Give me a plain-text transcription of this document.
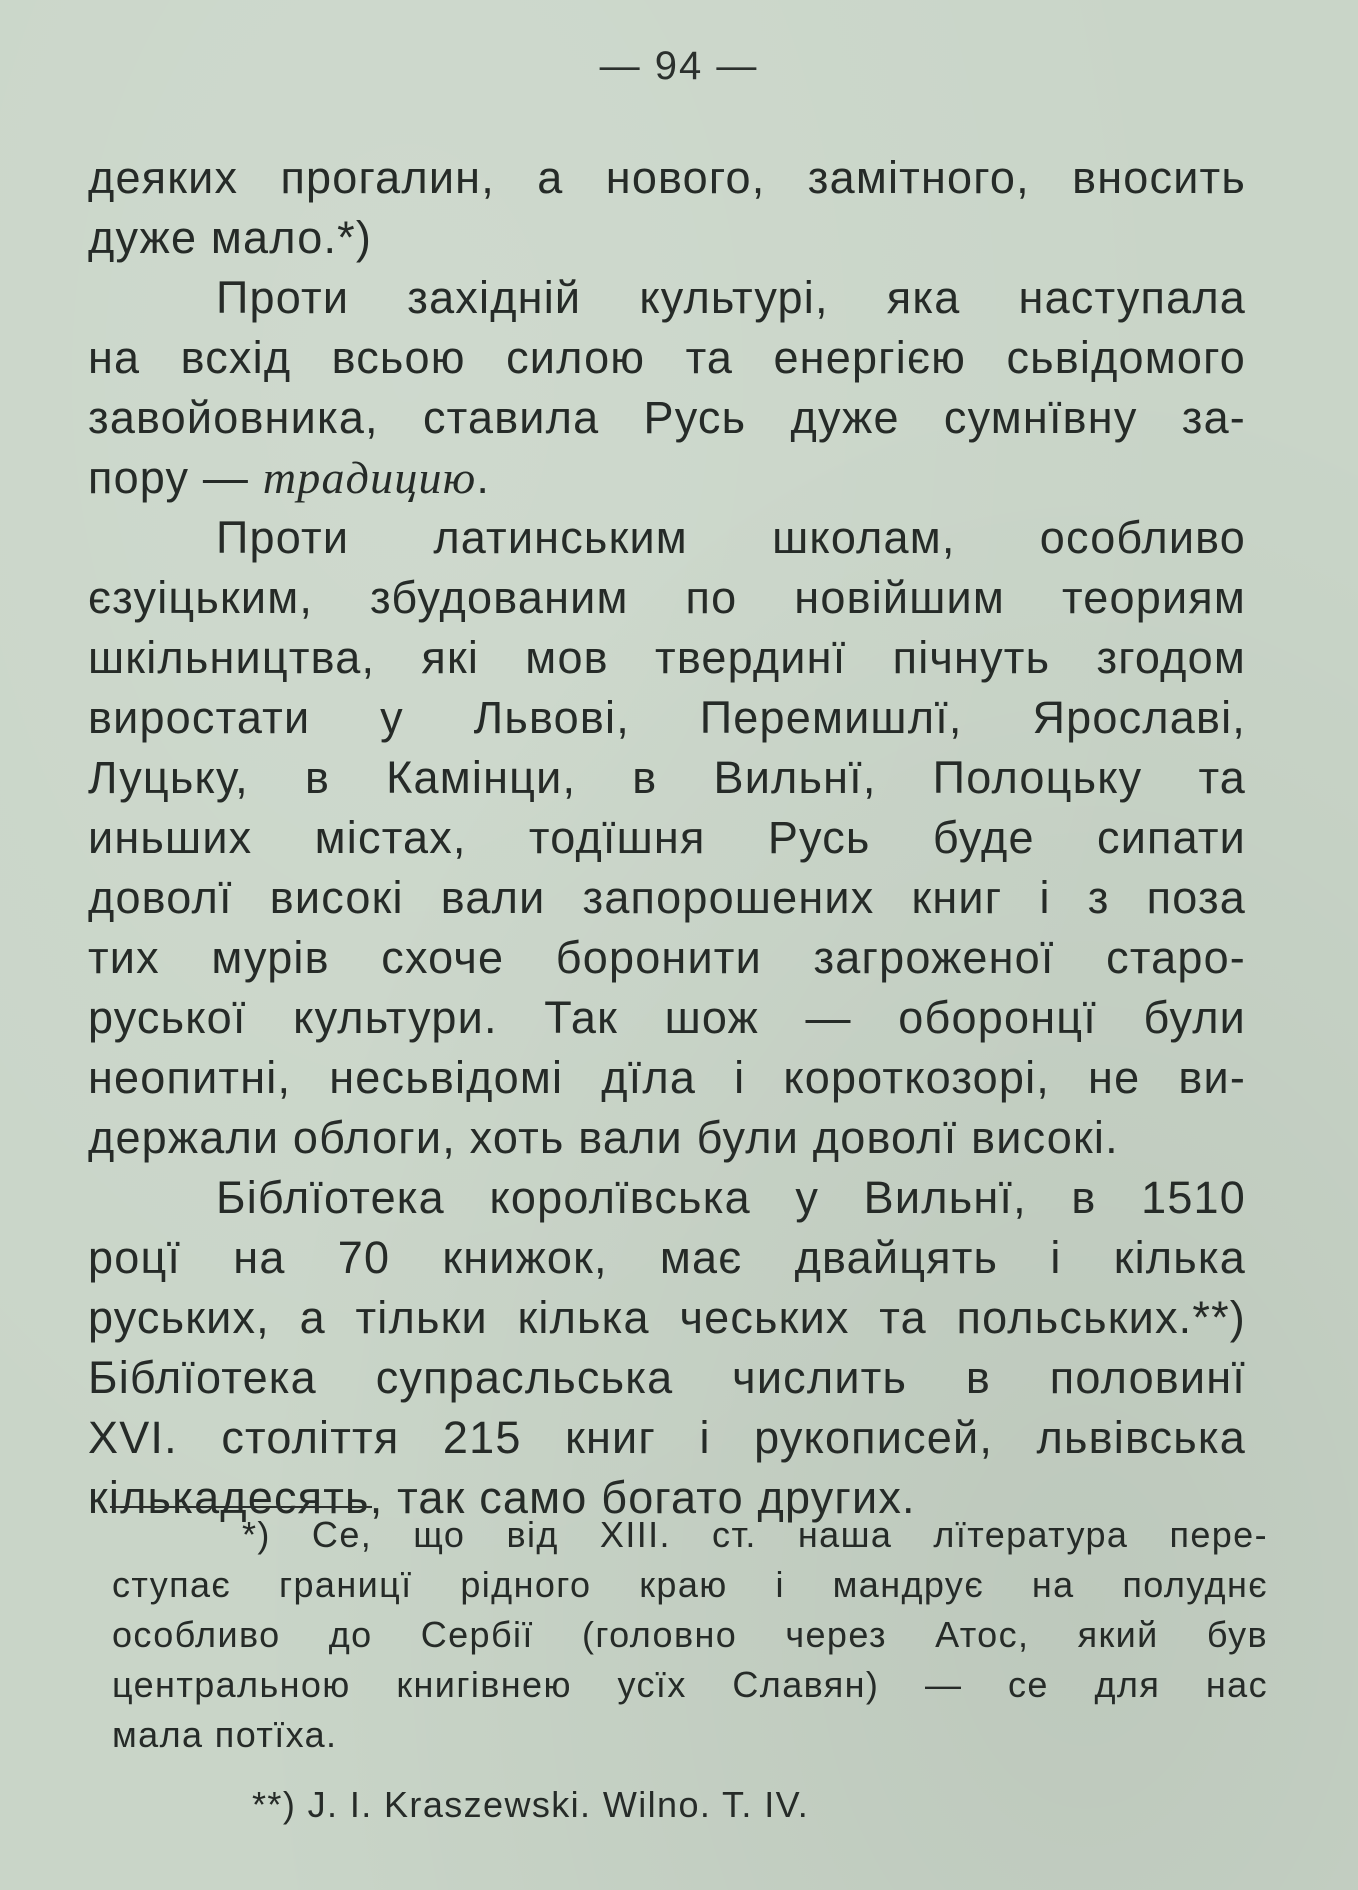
— 94 —
деяких прогалин, а нового, замітного, вносить
дуже мало.*)
Проти західній культурі, яка наступала
на всхід всьою силою та енергією сьвідомого
завойовника, ставила Русь дуже сумнївну за-
пору — традицию.
Проти латинським школам, особливо
єзуіцьким, збудованим по новійшим теориям
шкільництва, які мов твердинї пічнуть згодом
виростати у Львові, Перемишлї, Ярославі,
Луцьку, в Камінци, в Вильнї, Полоцьку та
иньших містах, тодїшня Русь буде сипати
доволї високі вали запорошених книг і з поза
тих мурів схоче боронити загроженої старо-
руської культури. Так шож — оборонцї були
неопитні, несьвідомі дїла і короткозорі, не ви-
держали облоги, хоть вали були доволї високі.
Біблїотека королївська у Вильнї, в 1510
роцї на 70 книжок, має двайцять і кілька
руських, а тільки кілька чеських та польських.**)
Біблїотека супрасльська числить в половинї
XVI. століття 215 книг і рукописей, львівська
кількадесять, так само богато других.
*) Се, що від XIII. ст. наша лїтература пере-
ступає границї рідного краю і мандрує на полуднє
особливо до Сербії (головно через Атос, який був
центральною книгівнею усїх Славян) — се для нас
мала потїха.
**) J. I. Kraszewski. Wilno. T. IV.
